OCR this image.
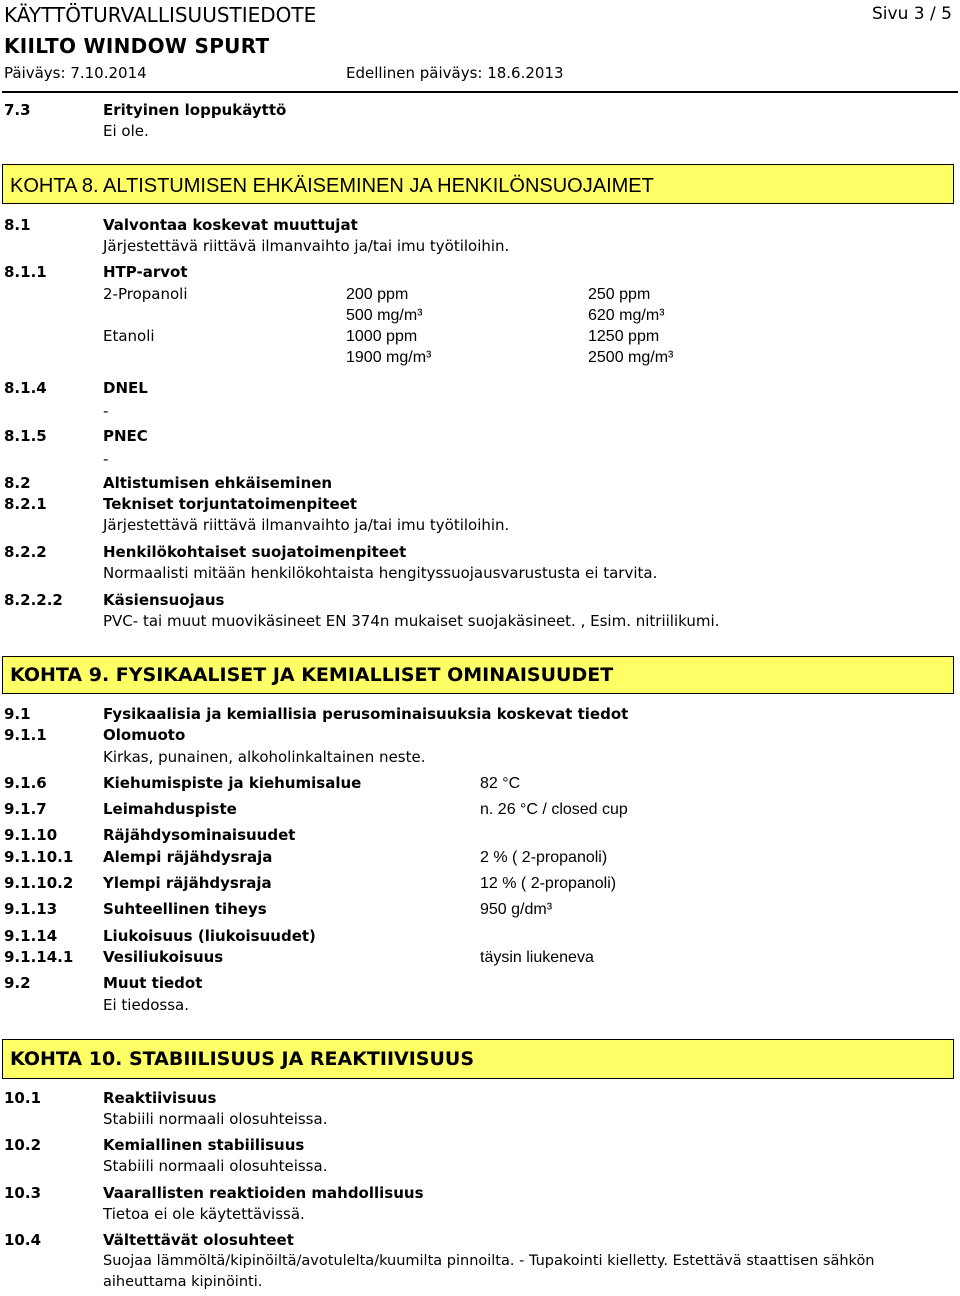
KÄYTTÖTURVALLISUUSTIEDOTE
KIILTO WINDOW SPURT
Päiväys: 7.10.2014	Edellinen päiväys: 18.6.2013
Sivu 3 / 5
7.3	Erityinen loppukäyttö
Ei ole.
KOHTA 8. ALTISTUMISEN EHKÄISEMINEN JA HENKILÖNSUOJAIMET
8.1	Valvontaa koskevat muuttujat
Järjestettävä riittävä ilmanvaihto ja/tai imu työtiloihin.
8.1.1	HTP-arvot
2-Propanoli	200 ppm	250 ppm
500 mg/m³	620 mg/m³
Etanoli	1000 ppm	1250 ppm
1900 mg/m³	2500 mg/m³
8.1.4	DNEL
-
8.1.5	PNEC
-
8.2	Altistumisen ehkäiseminen
8.2.1	Tekniset torjuntatoimenpiteet
Järjestettävä riittävä ilmanvaihto ja/tai imu työtiloihin.
8.2.2	Henkilökohtaiset suojatoimenpiteet
Normaalisti mitään henkilökohtaista hengityssuojausvarustusta ei tarvita.
8.2.2.2	Käsiensuojaus
PVC- tai muut muovikäsineet EN 374n mukaiset suojakäsineet. , Esim. nitriilikumi.
KOHTA 9. FYSIKAALISET JA KEMIALLISET OMINAISUUDET
9.1	Fysikaalisia ja kemiallisia perusominaisuuksia koskevat tiedot
9.1.1	Olomuoto
Kirkas, punainen, alkoholinkaltainen neste.
9.1.6	Kiehumispiste ja kiehumisalue	82 °C
9.1.7	Leimahduspiste	n. 26 °C / closed cup
9.1.10	Räjähdysominaisuudet
9.1.10.1 Alempi räjähdysraja	2 % ( 2-propanoli)
9.1.10.2 Ylempi räjähdysraja	12 % ( 2-propanoli)
9.1.13	Suhteellinen tiheys	950 g/dm³
9.1.14	Liukoisuus (liukoisuudet)
9.1.14.1 Vesiliukoisuus	täysin liukeneva
9.2	Muut tiedot
Ei tiedossa.
KOHTA 10. STABIILISUUS JA REAKTIIVISUUS
10.1	Reaktiivisuus
Stabiili normaali olosuhteissa.
10.2	Kemiallinen stabiilisuus
Stabiili normaali olosuhteissa.
10.3	Vaarallisten reaktioiden mahdollisuus
Tietoa ei ole käytettävissä.
10.4	Vältettävät olosuhteet
Suojaa lämmöltä/kipinöiltä/avotulelta/kuumilta pinnoilta. - Tupakointi kielletty. Estettävä staattisen sähkön
aiheuttama kipinöinti.
